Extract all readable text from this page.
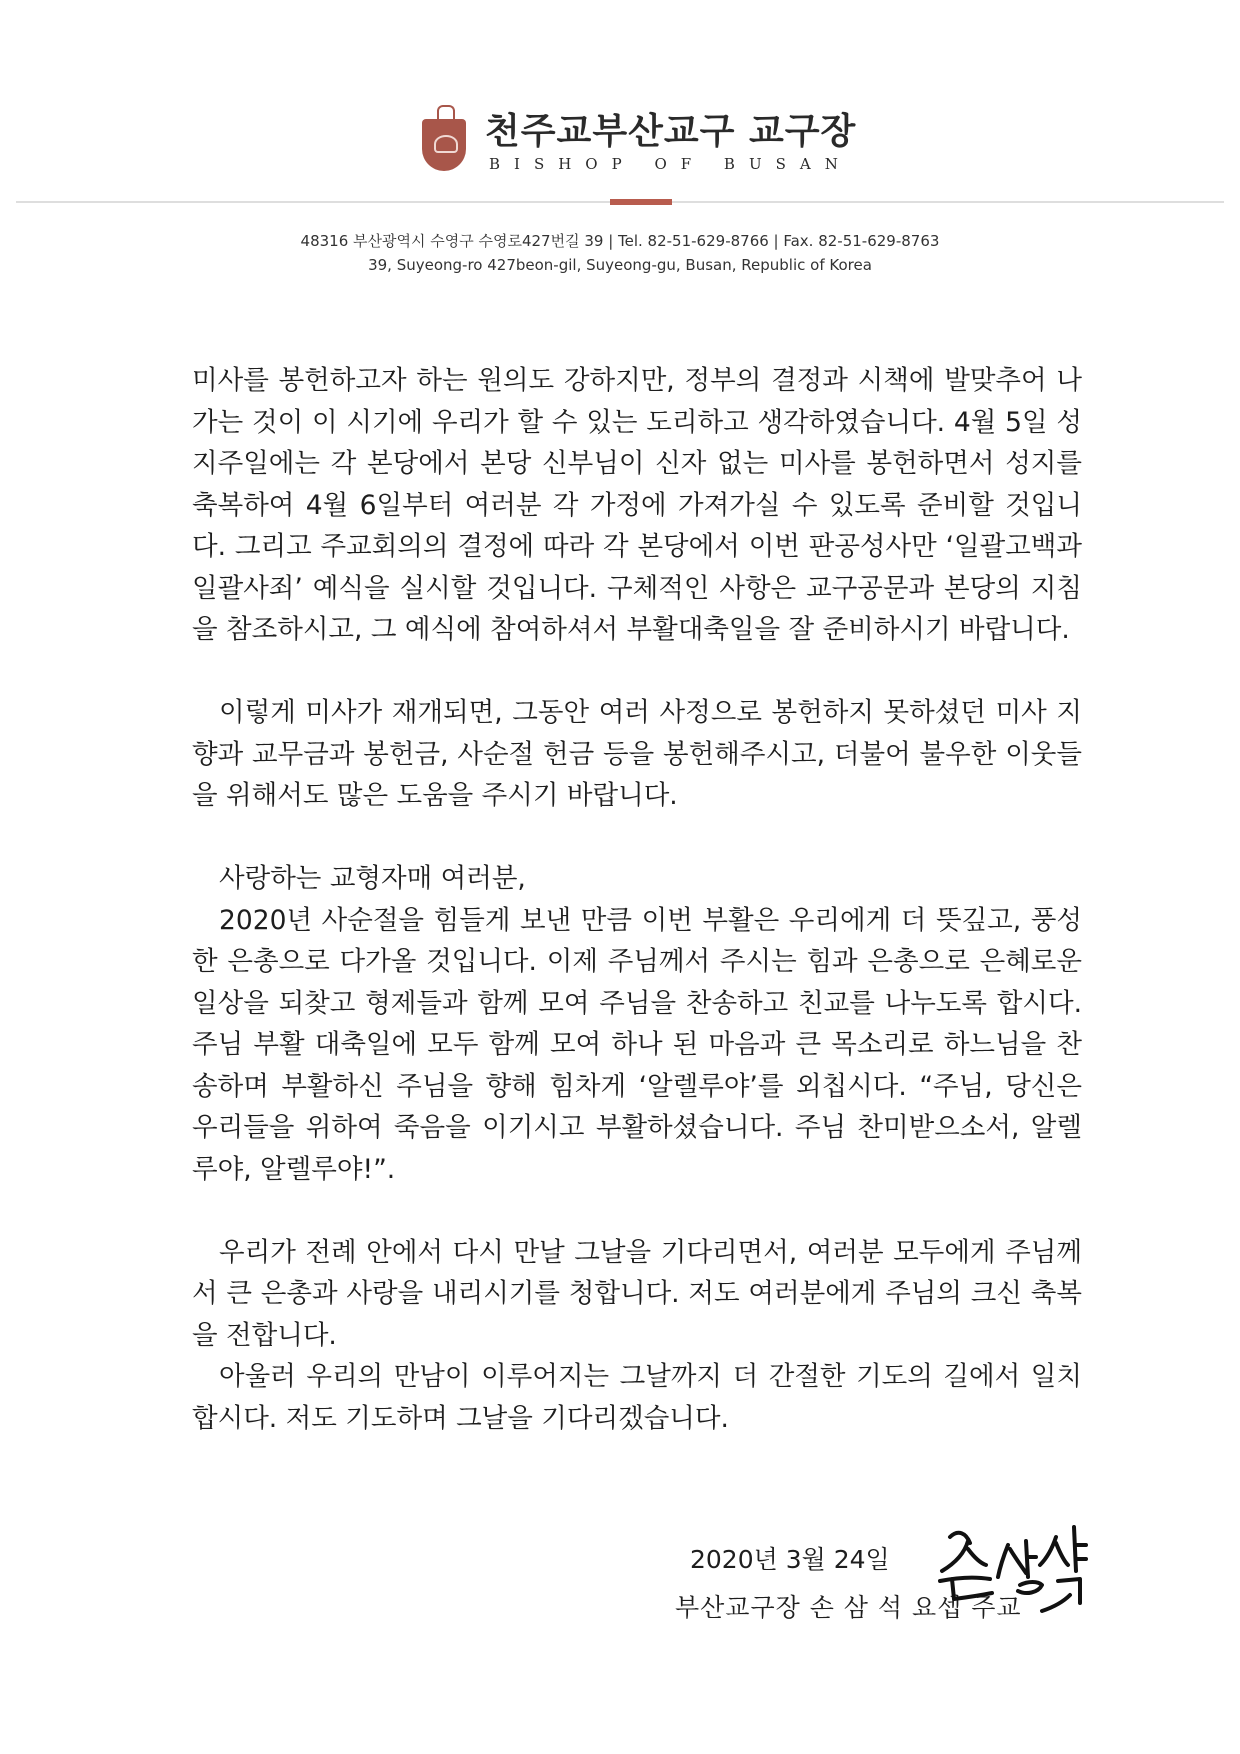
천주교부산교구 교구장
BISHOP OF BUSAN
48316 부산광역시 수영구 수영로427번길 39 | Tel. 82-51-629-8766 | Fax. 82-51-629-8763
39, Suyeong-ro 427beon-gil, Suyeong-gu, Busan, Republic of Korea

미사를 봉헌하고자 하는 원의도 강하지만, 정부의 결정과 시책에 발맞추어 나가는 것이 이 시기에 우리가 할 수 있는 도리하고 생각하였습니다. 4월 5일 성지주일에는 각 본당에서 본당 신부님이 신자 없는 미사를 봉헌하면서 성지를 축복하여 4월 6일부터 여러분 각 가정에 가져가실 수 있도록 준비할 것입니다. 그리고 주교회의의 결정에 따라 각 본당에서 이번 판공성사만 ‘일괄고백과 일괄사죄’ 예식을 실시할 것입니다. 구체적인 사항은 교구공문과 본당의 지침을 참조하시고, 그 예식에 참여하셔서 부활대축일을 잘 준비하시기 바랍니다.

이렇게 미사가 재개되면, 그동안 여러 사정으로 봉헌하지 못하셨던 미사 지향과 교무금과 봉헌금, 사순절 헌금 등을 봉헌해주시고, 더불어 불우한 이웃들을 위해서도 많은 도움을 주시기 바랍니다.

사랑하는 교형자매 여러분,

2020년 사순절을 힘들게 보낸 만큼 이번 부활은 우리에게 더 뜻깊고, 풍성한 은총으로 다가올 것입니다. 이제 주님께서 주시는 힘과 은총으로 은혜로운 일상을 되찾고 형제들과 함께 모여 주님을 찬송하고 친교를 나누도록 합시다. 주님 부활 대축일에 모두 함께 모여 하나 된 마음과 큰 목소리로 하느님을 찬송하며 부활하신 주님을 향해 힘차게 ‘알렐루야’를 외칩시다. “주님, 당신은 우리들을 위하여 죽음을 이기시고 부활하셨습니다. 주님 찬미받으소서, 알렐루야, 알렐루야!”.

우리가 전례 안에서 다시 만날 그날을 기다리면서, 여러분 모두에게 주님께서 큰 은총과 사랑을 내리시기를 청합니다. 저도 여러분에게 주님의 크신 축복을 전합니다.

아울러 우리의 만남이 이루어지는 그날까지 더 간절한 기도의 길에서 일치합시다. 저도 기도하며 그날을 기다리겠습니다.

2020년 3월 24일
부산교구장 손 삼 석 요셉 주교
